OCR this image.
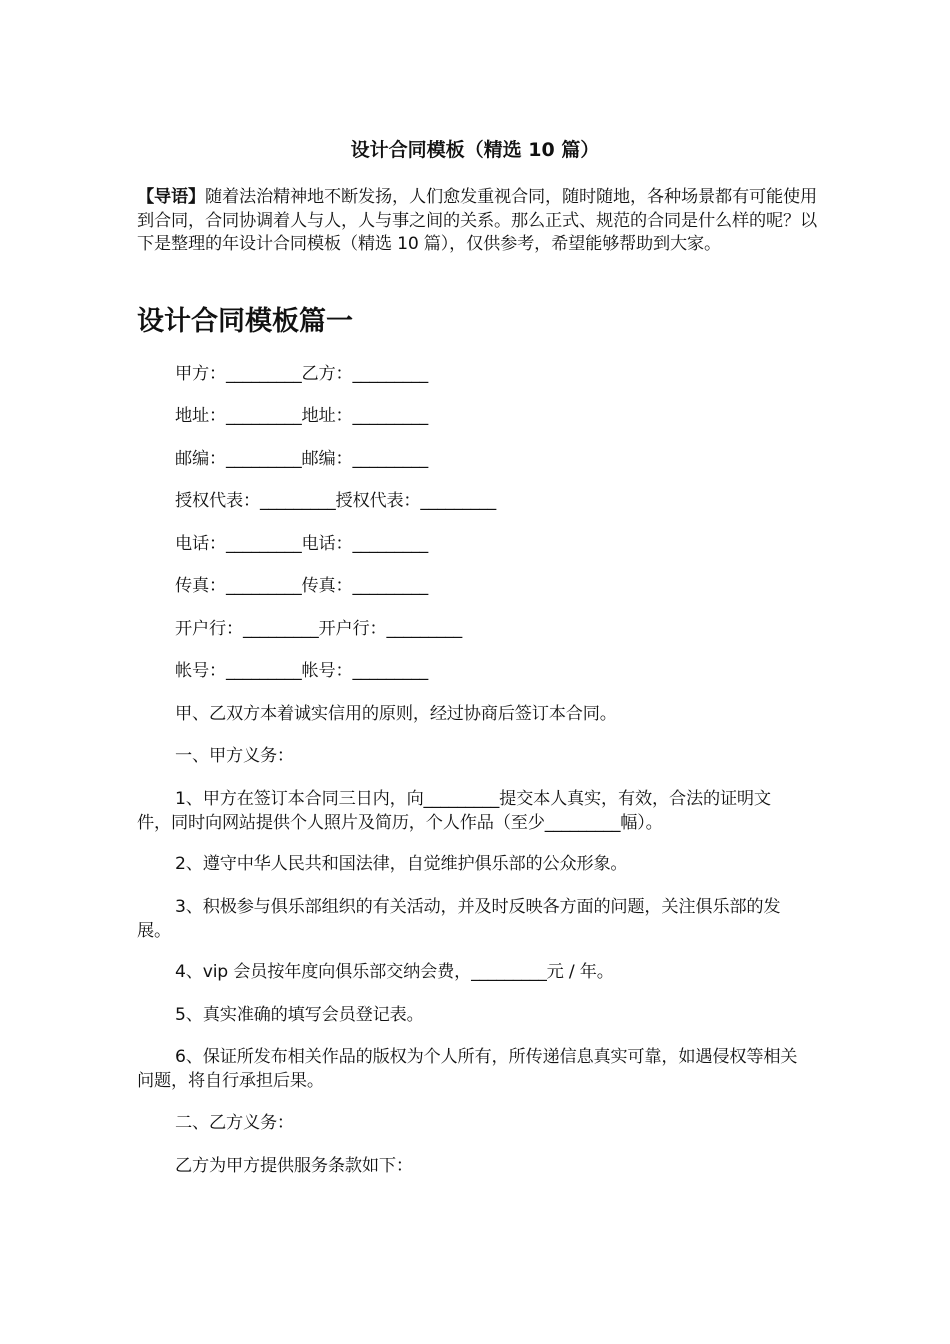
设计合同模板（精选 10 篇）
【导语】随着法治精神地不断发扬，人们愈发重视合同，随时随地，各种场景都有可能使用到合同，合同协调着人与人，人与事之间的关系。那么正式、规范的合同是什么样的呢？以下是整理的年设计合同模板（精选 10 篇），仅供参考，希望能够帮助到大家。
设计合同模板篇一
甲方：_________乙方：_________
地址：_________地址：_________
邮编：_________邮编：_________
授权代表：_________授权代表：_________
电话：_________电话：_________
传真：_________传真：_________
开户行：_________开户行：_________
帐号：_________帐号：_________
甲、乙双方本着诚实信用的原则，经过协商后签订本合同。
一、甲方义务：
1、甲方在签订本合同三日内，向_________提交本人真实，有效，合法的证明文件，同时向网站提供个人照片及简历，个人作品（至少_________幅）。
2、遵守中华人民共和国法律，自觉维护俱乐部的公众形象。
3、积极参与俱乐部组织的有关活动，并及时反映各方面的问题，关注俱乐部的发展。
4、vip 会员按年度向俱乐部交纳会费，_________元 / 年。
5、真实准确的填写会员登记表。
6、保证所发布相关作品的版权为个人所有，所传递信息真实可靠，如遇侵权等相关问题，将自行承担后果。
二、乙方义务：
乙方为甲方提供服务条款如下：
